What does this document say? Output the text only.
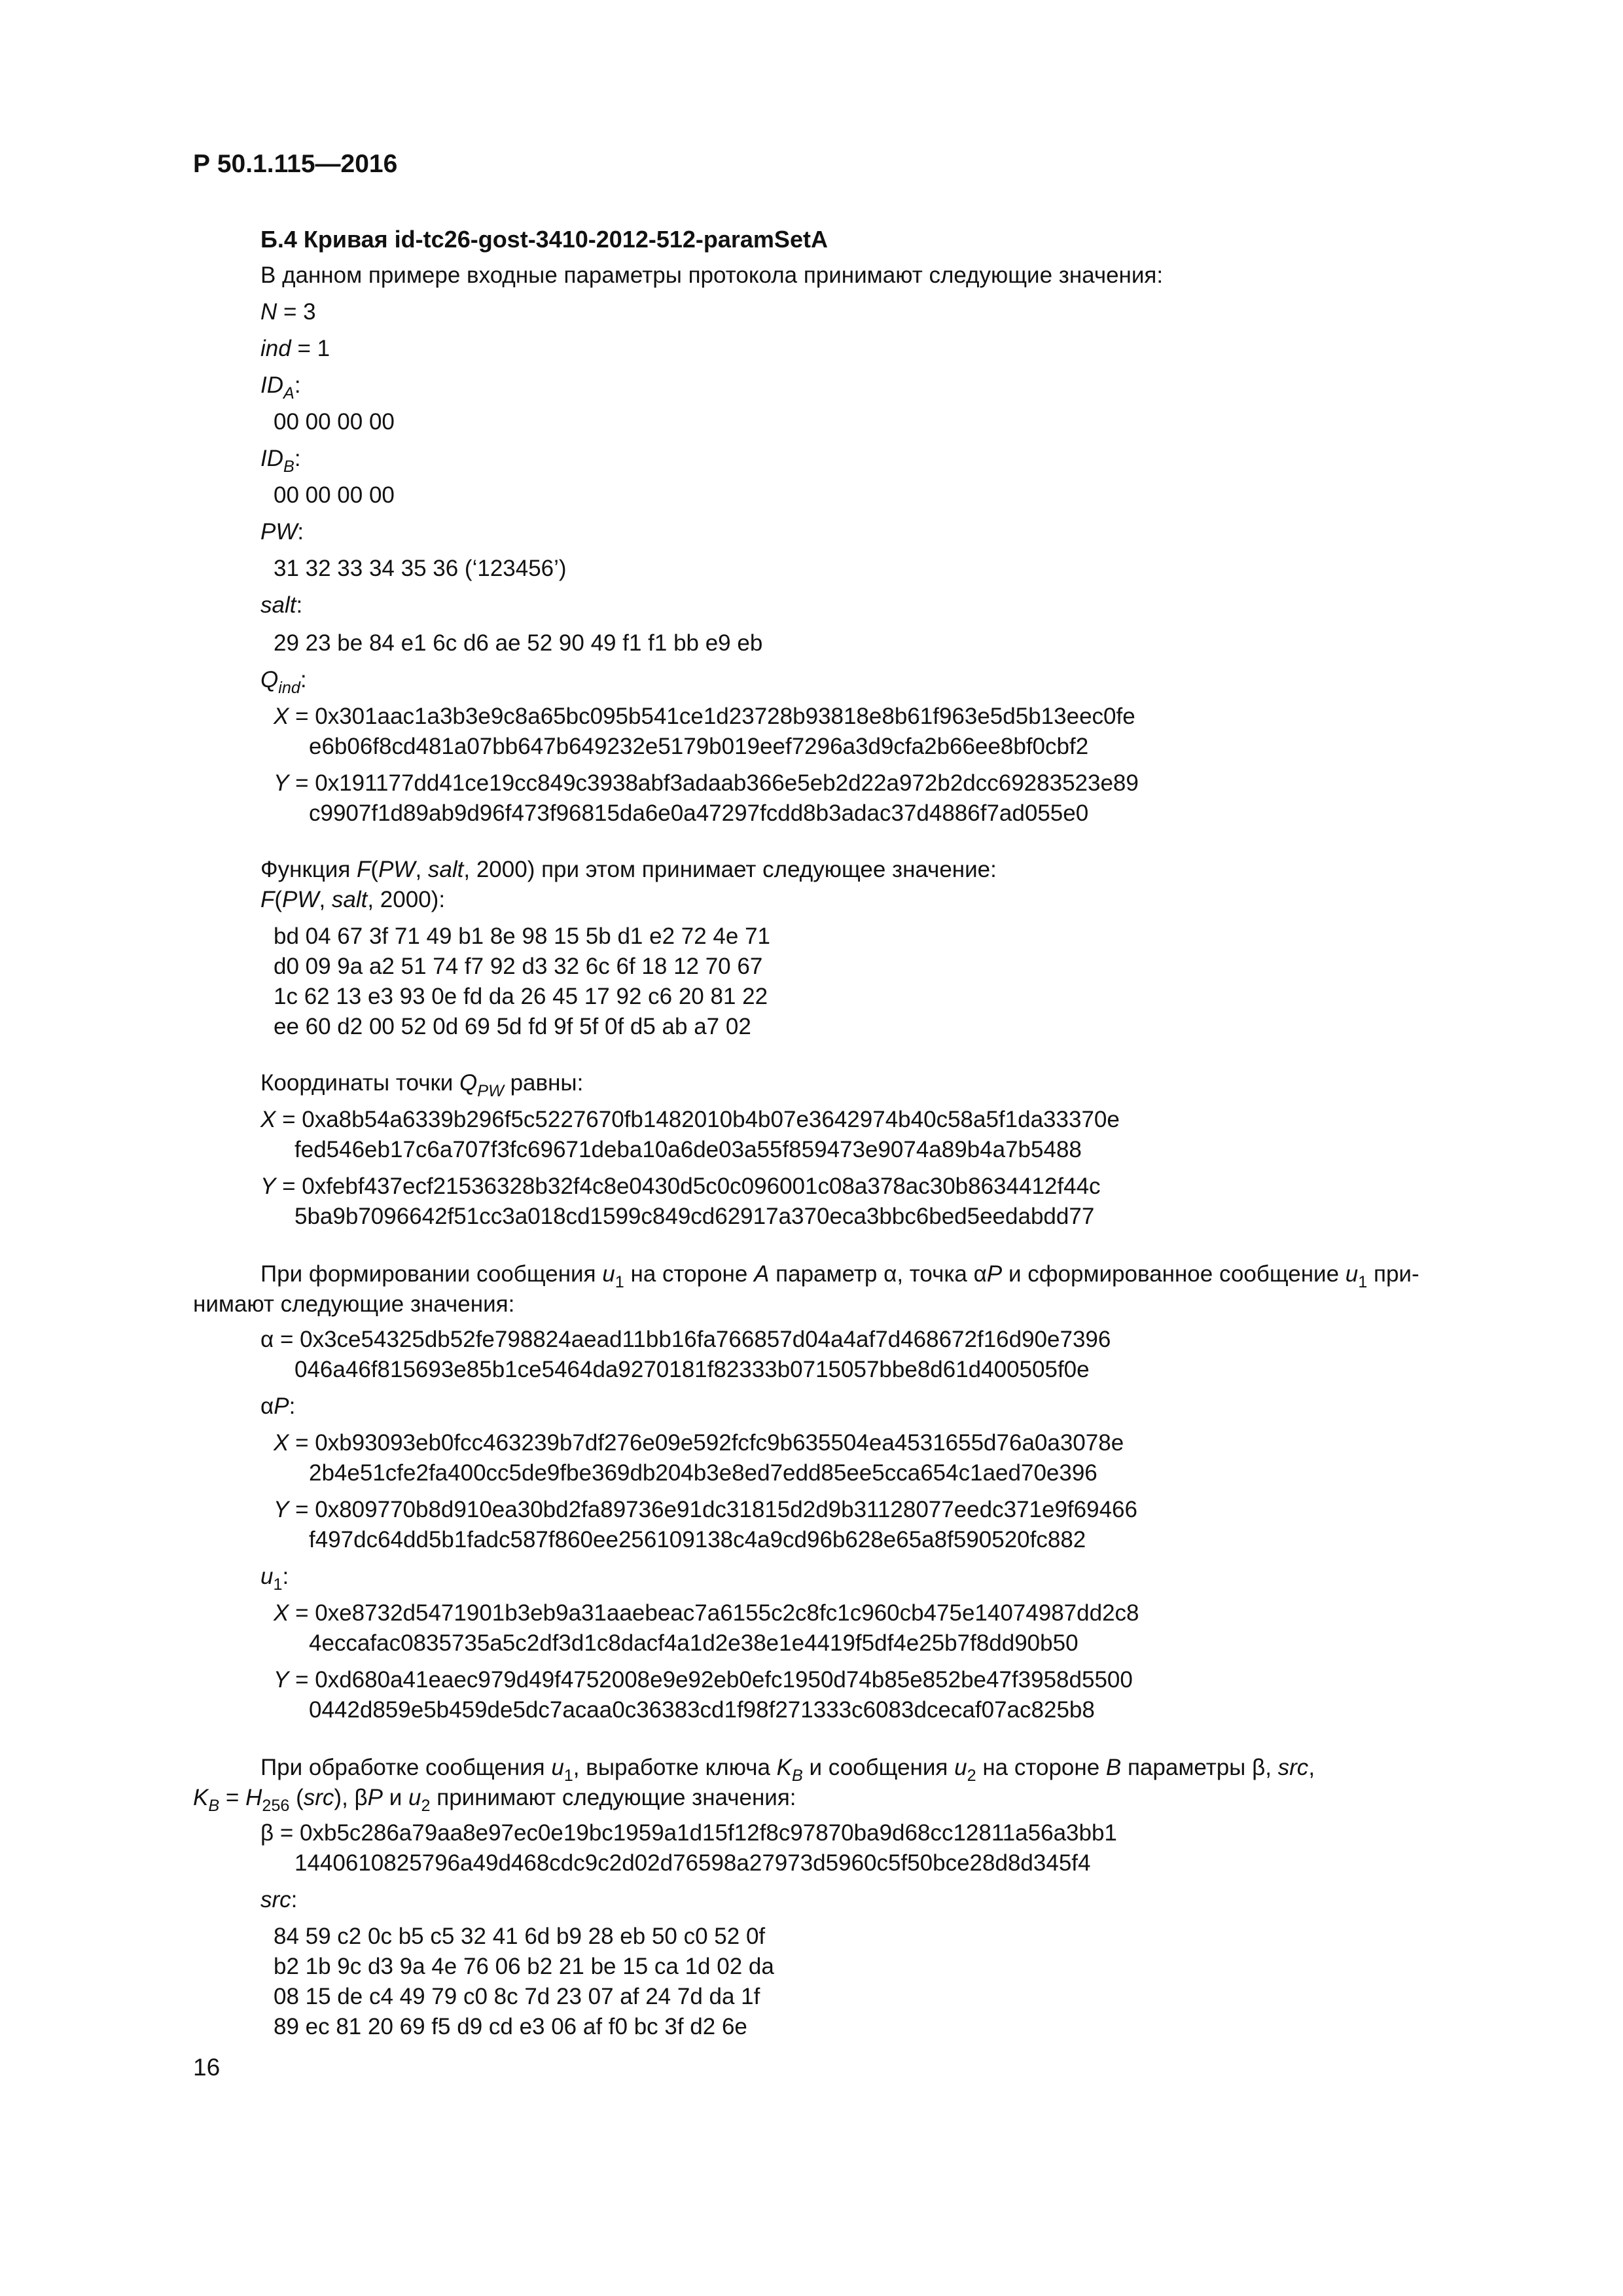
Р 50.1.115—2016
Б.4 Кривая id-tc26-gost-3410-2012-512-paramSetA
В данном примере входные параметры протокола принимают следующие значения:
N = 3
ind = 1
$ID_A$:
00 00 00 00
$ID_B$:
00 00 00 00
PW:
31 32 33 34 35 36 (‘123456’)
salt:
29 23 be 84 e1 6c d6 ae 52 90 49 f1 f1 bb e9 eb
$Q_{ind}$:
X = 0x301aac1a3b3e9c8a65bc095b541ce1d23728b93818e8b61f963e5d5b13eec0fe
e6b06f8cd481a07bb647b649232e5179b019eef7296a3d9cfa2b66ee8bf0cbf2
Y = 0x191177dd41ce19cc849c3938abf3adaab366e5eb2d22a972b2dcc69283523e89
c9907f1d89ab9d96f473f96815da6e0a47297fcdd8b3adac37d4886f7ad055e0
Функция F(PW, salt, 2000) при этом принимает следующее значение:
F(PW, salt, 2000):
bd 04 67 3f 71 49 b1 8e 98 15 5b d1 e2 72 4e 71
d0 09 9a a2 51 74 f7 92 d3 32 6c 6f 18 12 70 67
1c 62 13 e3 93 0e fd da 26 45 17 92 c6 20 81 22
ee 60 d2 00 52 0d 69 5d fd 9f 5f 0f d5 ab a7 02
Координаты точки $Q_{PW}$ равны:
X = 0xa8b54a6339b296f5c5227670fb1482010b4b07e3642974b40c58a5f1da33370e
fed546eb17c6a707f3fc69671deba10a6de03a55f859473e9074a89b4a7b5488
Y = 0xfebf437ecf21536328b32f4c8e0430d5c0c096001c08a378ac30b8634412f44c
5ba9b7096642f51cc3a018cd1599c849cd62917a370eca3bbc6bed5eedabdd77
При формировании сообщения $u_1$ на стороне A параметр α, точка αP и сформированное сообщение $u_1$ при-
нимают следующие значения:
α = 0x3ce54325db52fe798824aead11bb16fa766857d04a4af7d468672f16d90e7396
046a46f815693e85b1ce5464da9270181f82333b0715057bbe8d61d400505f0e
αP:
X = 0xb93093eb0fcc463239b7df276e09e592fcfc9b635504ea4531655d76a0a3078e
2b4e51cfe2fa400cc5de9fbe369db204b3e8ed7edd85ee5cca654c1aed70e396
Y = 0x809770b8d910ea30bd2fa89736e91dc31815d2d9b31128077eedc371e9f69466
f497dc64dd5b1fadc587f860ee256109138c4a9cd96b628e65a8f590520fc882
$u_1$:
X = 0xe8732d5471901b3eb9a31aaebeac7a6155c2c8fc1c960cb475e14074987dd2c8
4eccafac0835735a5c2df3d1c8dacf4a1d2e38e1e4419f5df4e25b7f8dd90b50
Y = 0xd680a41eaec979d49f4752008e9e92eb0efc1950d74b85e852be47f3958d5500
0442d859e5b459de5dc7acaa0c36383cd1f98f271333c6083dcecaf07ac825b8
При обработке сообщения $u_1$, выработке ключа $K_B$ и сообщения $u_2$ на стороне B параметры β, src,
$K_B = H_{256}$ (src), βP и $u_2$ принимают следующие значения:
β = 0xb5c286a79aa8e97ec0e19bc1959a1d15f12f8c97870ba9d68cc12811a56a3bb1
1440610825796a49d468cdc9c2d02d76598a27973d5960c5f50bce28d8d345f4
src:
84 59 c2 0c b5 c5 32 41 6d b9 28 eb 50 c0 52 0f
b2 1b 9c d3 9a 4e 76 06 b2 21 be 15 ca 1d 02 da
08 15 de c4 49 79 c0 8c 7d 23 07 af 24 7d da 1f
89 ec 81 20 69 f5 d9 cd e3 06 af f0 bc 3f d2 6e
16
